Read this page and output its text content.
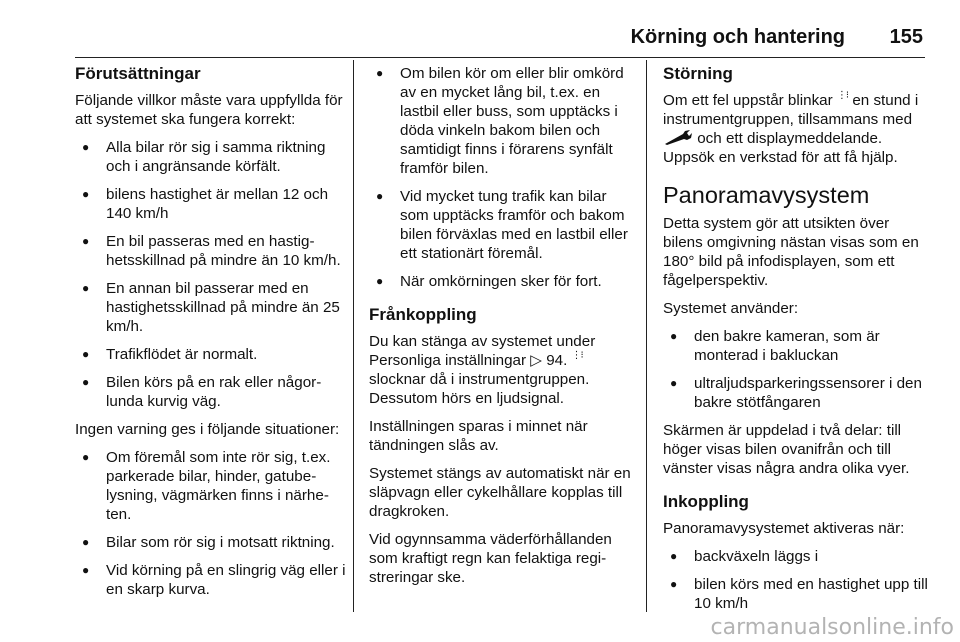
Körning och hantering 155
Förutsättningar

Följande villkor måste vara uppfyllda för att systemet ska fungera korrekt:

● Alla bilar rör sig i samma riktning och i angränsande körfält.
● bilens hastighet är mellan 12 och 140 km/h
● En bil passeras med en hastighetsskillnad på mindre än 10 km/h.
● En annan bil passerar med en hastighetsskillnad på mindre än 25 km/h.
● Trafikflödet är normalt.
● Bilen körs på en rak eller någorlunda kurvig väg.

Ingen varning ges i följande situationer:

● Om föremål som inte rör sig, t.ex. parkerade bilar, hinder, gatubelysning, vägmärken finns i närheten.
● Bilar som rör sig i motsatt riktning.
● Vid körning på en slingrig väg eller i en skarp kurva.
● Om bilen kör om eller blir omkörd av en mycket lång bil, t.ex. en lastbil eller buss, som upptäcks i döda vinkeln bakom bilen och samtidigt finns i förarens synfält framför bilen.
● Vid mycket tung trafik kan bilar som upptäcks framför och bakom bilen förväxlas med en lastbil eller ett stationärt föremål.
● När omkörningen sker för fort.
Frånkoppling

Du kan stänga av systemet under Personliga inställningar ▷ 94. ⋮⁝ slocknar då i instrumentgruppen. Dessutom hörs en ljudsignal.

Inställningen sparas i minnet när tändningen slås av.

Systemet stängs av automatiskt när en släpvagn eller cykelhållare kopplas till dragkroken.

Vid ogynnsamma väderförhållanden som kraftigt regn kan felaktiga registreringar ske.

Störning

Om ett fel uppstår blinkar ⋮⁝ en stund i instrumentgruppen, tillsammans med  och ett displaymeddelande. Uppsök en verkstad för att få hjälp.

Panoramavysystem

Detta system gör att utsikten över bilens omgivning nästan visas som en 180° bild på infodisplayen, som ett fågelperspektiv.

Systemet använder:

● den bakre kameran, som är monterad i bakluckan
● ultraljudsparkeringssensorer i den bakre stötfångaren

Skärmen är uppdelad i två delar: till höger visas bilen ovanifrån och till vänster visas några andra olika vyer.

Inkoppling

Panoramavysystemet aktiveras när:

● backväxeln läggs i
● bilen körs med en hastighet upp till 10 km/h
carmanualsonline.info
